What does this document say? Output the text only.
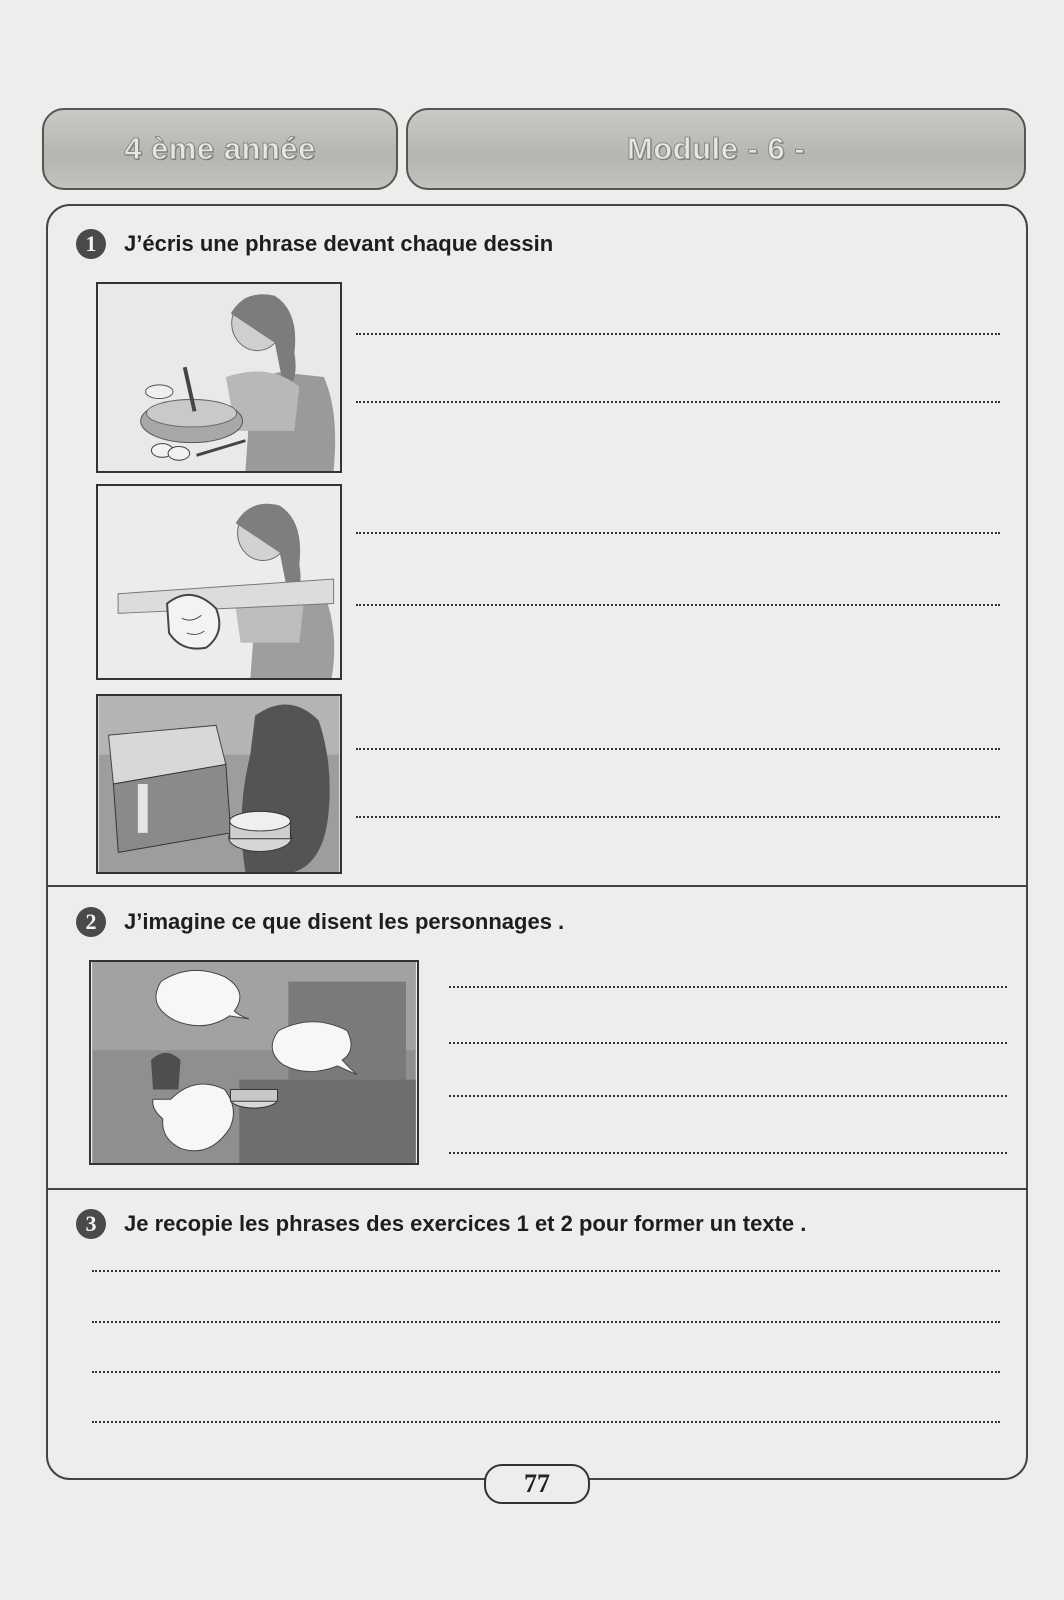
4 ème année	Module - 6 -
1	J’écris une phrase devant chaque dessin
2	J’imagine ce que disent les personnages .
3	Je recopie les phrases des exercices 1 et 2 pour former un texte .
77
